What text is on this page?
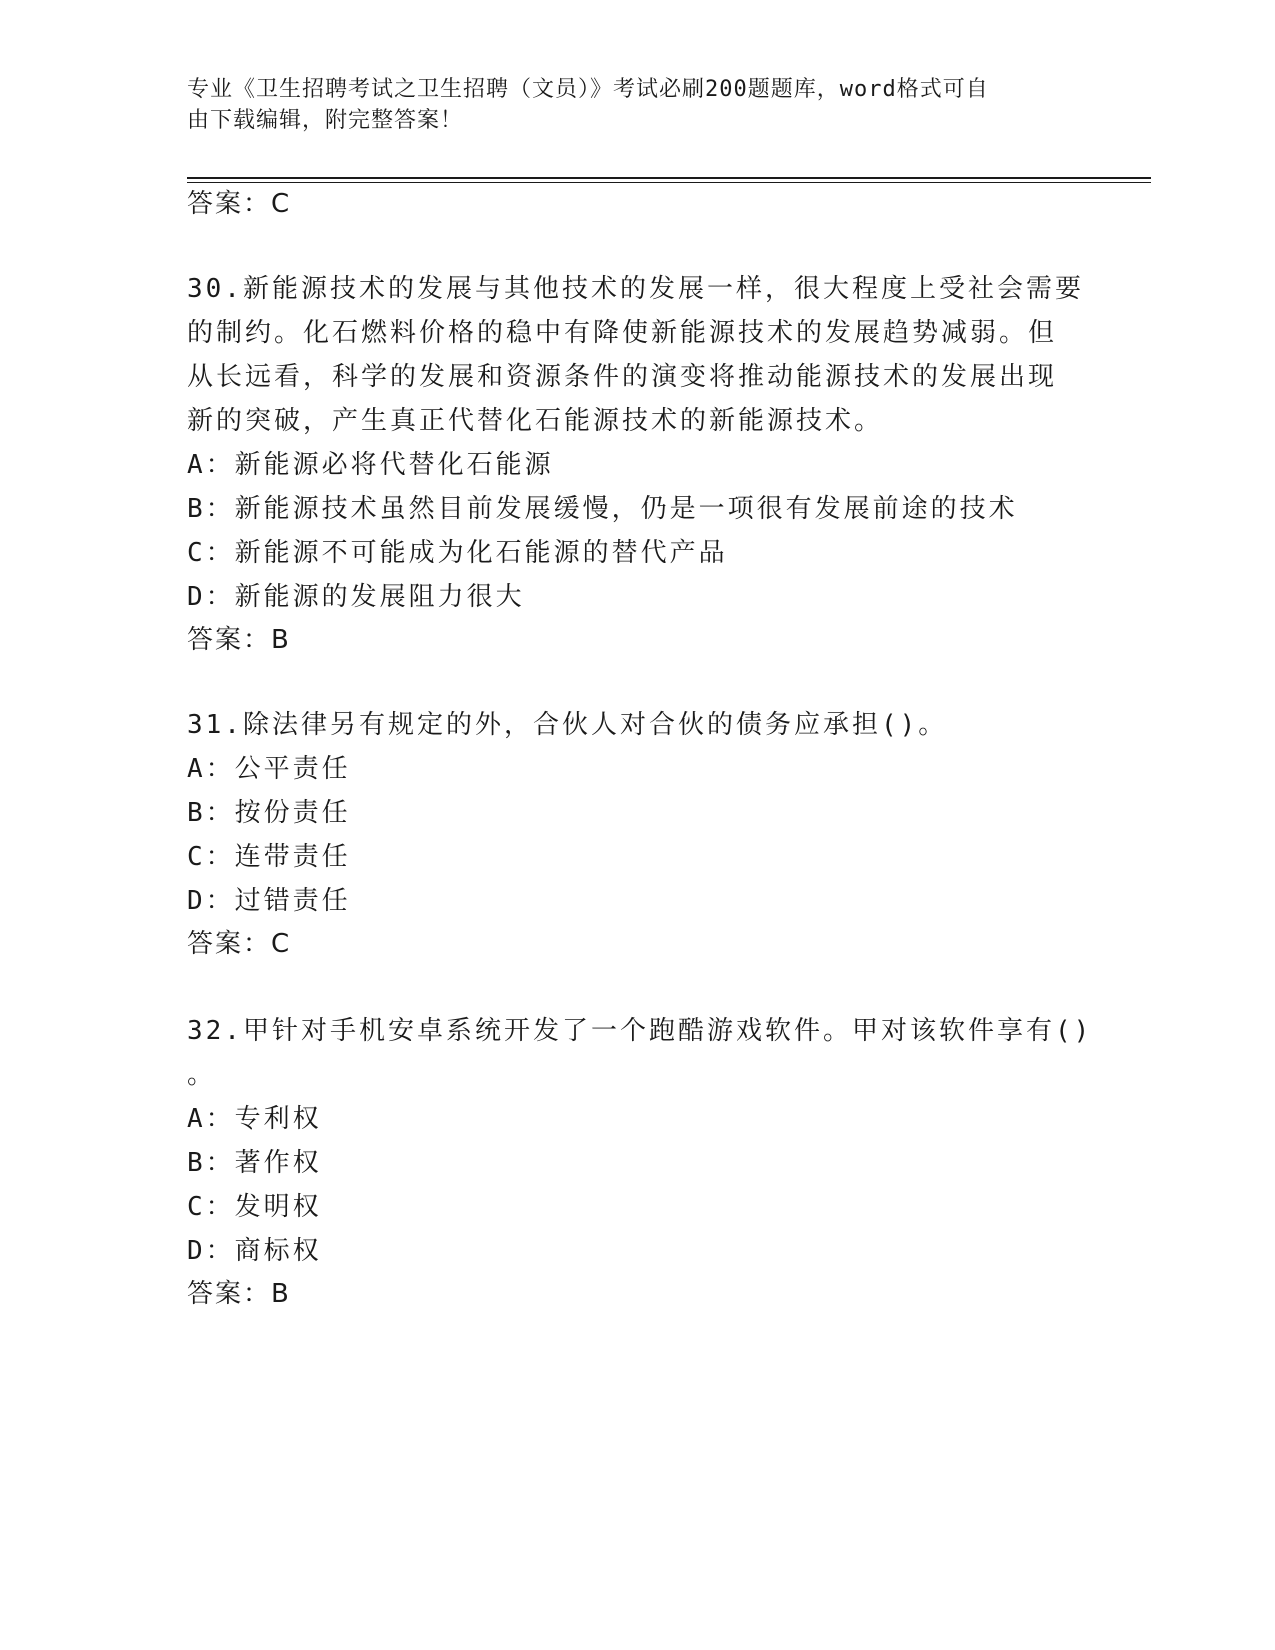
专业《卫生招聘考试之卫生招聘（文员）》考试必刷200题题库，word格式可自
由下载编辑，附完整答案！
答案：C
30.新能源技术的发展与其他技术的发展一样，很大程度上受社会需要
的制约。化石燃料价格的稳中有降使新能源技术的发展趋势减弱。但
从长远看，科学的发展和资源条件的演变将推动能源技术的发展出现
新的突破，产生真正代替化石能源技术的新能源技术。
A：新能源必将代替化石能源
B：新能源技术虽然目前发展缓慢，仍是一项很有发展前途的技术
C：新能源不可能成为化石能源的替代产品
D：新能源的发展阻力很大
答案：B
31.除法律另有规定的外，合伙人对合伙的债务应承担()。
A：公平责任
B：按份责任
C：连带责任
D：过错责任
答案：C
32.甲针对手机安卓系统开发了一个跑酷游戏软件。甲对该软件享有()
。
A：专利权
B：著作权
C：发明权
D：商标权
答案：B
